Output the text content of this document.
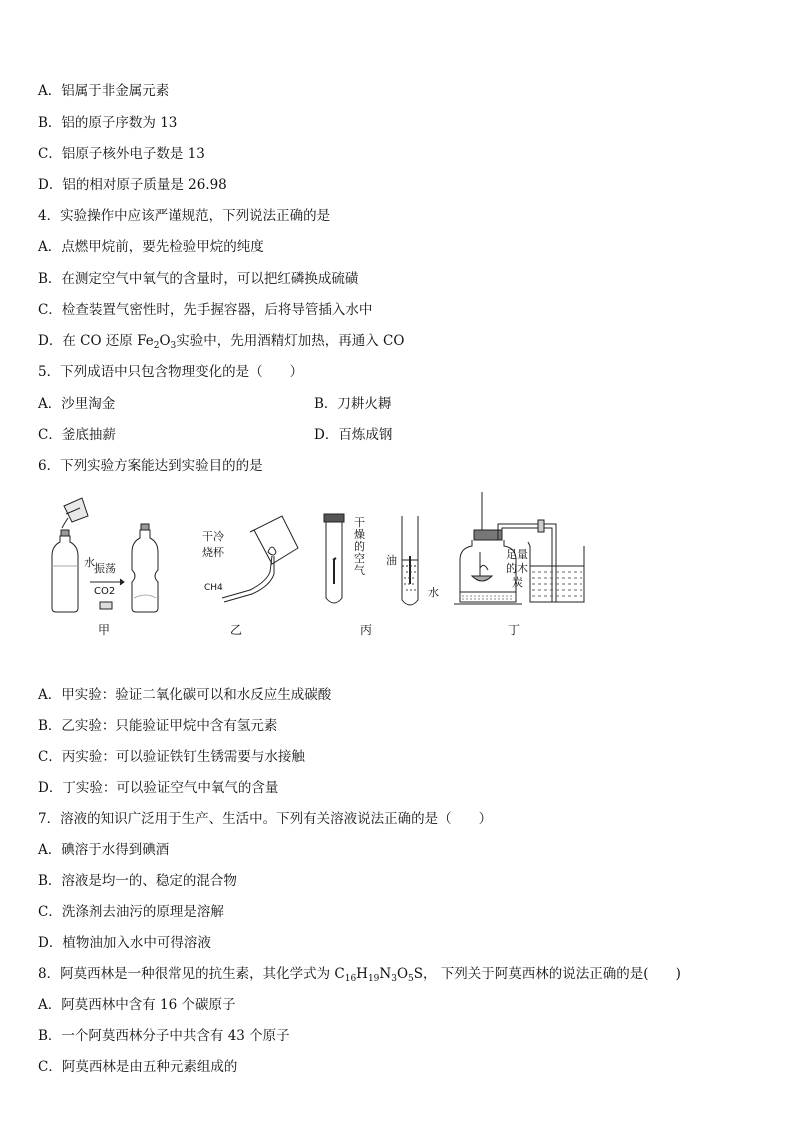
A．铝属于非金属元素
B．铝的原子序数为 13
C．铝原子核外电子数是 13
D．铝的相对原子质量是 26.98
4．实验操作中应该严谨规范，下列说法正确的是
A．点燃甲烷前，要先检验甲烷的纯度
B．在测定空气中氧气的含量时，可以把红磷换成硫磺
C．检查装置气密性时，先手握容器，后将导管插入水中
D．在 CO 还原 $Fe_2O_3$实验中，先用酒精灯加热，再通入 CO
5．下列成语中只包含物理变化的是（　　）
A．沙里淘金	B．刀耕火耨
C．釜底抽薪	D．百炼成钢
6．下列实验方案能达到实验目的的是
水 振荡
CO2
甲
干冷
烧杯
CH4
乙
干
燥
的
空
气
油
水
丙
足量
的木
炭
丁
A．甲实验：验证二氧化碳可以和水反应生成碳酸
B．乙实验：只能验证甲烷中含有氢元素
C．丙实验：可以验证铁钉生锈需要与水接触
D．丁实验：可以验证空气中氧气的含量
7．溶液的知识广泛用于生产、生活中。下列有关溶液说法正确的是（　　）
A．碘溶于水得到碘酒
B．溶液是均一的、稳定的混合物
C．洗涤剂去油污的原理是溶解
D．植物油加入水中可得溶液
8．阿莫西林是一种很常见的抗生素，其化学式为 $C_{16}H_{19}N_3O_5S$， 下列关于阿莫西林的说法正确的是(　　)
A．阿莫西林中含有 16 个碳原子
B．一个阿莫西林分子中共含有 43 个原子
C．阿莫西林是由五种元素组成的
